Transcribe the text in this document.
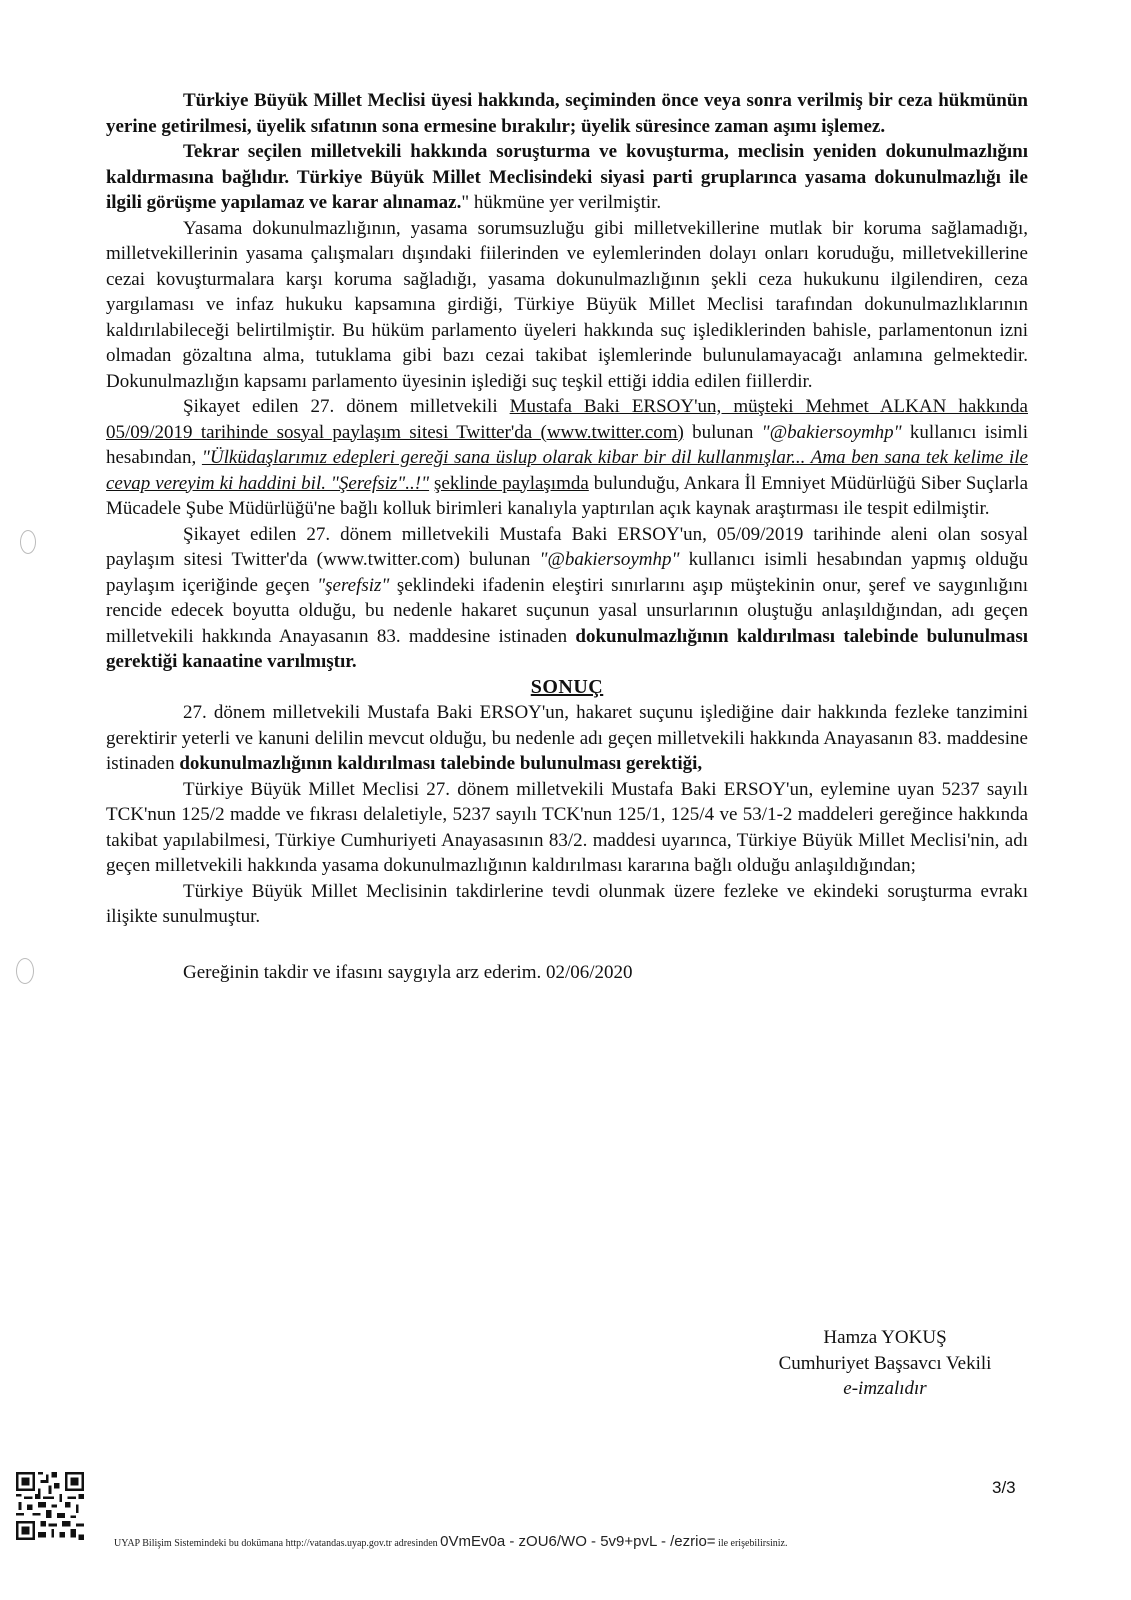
Türkiye Büyük Millet Meclisi üyesi hakkında, seçiminden önce veya sonra verilmiş bir ceza hükmünün yerine getirilmesi, üyelik sıfatının sona ermesine bırakılır; üyelik süresince zaman aşımı işlemez.

Tekrar seçilen milletvekili hakkında soruşturma ve kovuşturma, meclisin yeniden dokunulmazlığını kaldırmasına bağlıdır. Türkiye Büyük Millet Meclisindeki siyasi parti gruplarınca yasama dokunulmazlığı ile ilgili görüşme yapılamaz ve karar alınamaz." hükmüne yer verilmiştir.

Yasama dokunulmazlığının, yasama sorumsuzluğu gibi milletvekillerine mutlak bir koruma sağlamadığı, milletvekillerinin yasama çalışmaları dışındaki fiilerinden ve eylemlerinden dolayı onları koruduğu, milletvekillerine cezai kovuşturmalara karşı koruma sağladığı, yasama dokunulmazlığının şekli ceza hukukunu ilgilendiren, ceza yargılaması ve infaz hukuku kapsamına girdiği, Türkiye Büyük Millet Meclisi tarafından dokunulmazlıklarının kaldırılabileceği belirtilmiştir. Bu hüküm parlamento üyeleri hakkında suç işlediklerinden bahisle, parlamentonun izni olmadan gözaltına alma, tutuklama gibi bazı cezai takibat işlemlerinde bulunulamayacağı anlamına gelmektedir. Dokunulmazlığın kapsamı parlamento üyesinin işlediği suç teşkil ettiği iddia edilen fiillerdir.

Şikayet edilen 27. dönem milletvekili Mustafa Baki ERSOY'un, müşteki Mehmet ALKAN hakkında 05/09/2019 tarihinde sosyal paylaşım sitesi Twitter'da (www.twitter.com) bulunan "@bakiersoymhp" kullanıcı isimli hesabından, "Ülküdaşlarımız edepleri gereği sana üslup olarak kibar bir dil kullanmışlar... Ama ben sana tek kelime ile cevap vereyim ki haddini bil. "Şerefsiz"..!" şeklinde paylaşımda bulunduğu, Ankara İl Emniyet Müdürlüğü Siber Suçlarla Mücadele Şube Müdürlüğü'ne bağlı kolluk birimleri kanalıyla yaptırılan açık kaynak araştırması ile tespit edilmiştir.

Şikayet edilen 27. dönem milletvekili Mustafa Baki ERSOY'un, 05/09/2019 tarihinde aleni olan sosyal paylaşım sitesi Twitter'da (www.twitter.com) bulunan "@bakiersoymhp" kullanıcı isimli hesabından yapmış olduğu paylaşım içeriğinde geçen "şerefsiz" şeklindeki ifadenin eleştiri sınırlarını aşıp müştekinin onur, şeref ve saygınlığını rencide edecek boyutta olduğu, bu nedenle hakaret suçunun yasal unsurlarının oluştuğu anlaşıldığından, adı geçen milletvekili hakkında Anayasanın 83. maddesine istinaden dokunulmazlığının kaldırılması talebinde bulunulması gerektiği kanaatine varılmıştır.

SONUÇ

27. dönem milletvekili Mustafa Baki ERSOY'un, hakaret suçunu işlediğine dair hakkında fezleke tanzimini gerektirir yeterli ve kanuni delilin mevcut olduğu, bu nedenle adı geçen milletvekili hakkında Anayasanın 83. maddesine istinaden dokunulmazlığının kaldırılması talebinde bulunulması gerektiği,

Türkiye Büyük Millet Meclisi 27. dönem milletvekili Mustafa Baki ERSOY'un, eylemine uyan 5237 sayılı TCK'nun 125/2 madde ve fıkrası delaletiyle, 5237 sayılı TCK'nun 125/1, 125/4 ve 53/1-2 maddeleri gereğince hakkında takibat yapılabilmesi, Türkiye Cumhuriyeti Anayasasının 83/2. maddesi uyarınca, Türkiye Büyük Millet Meclisi'nin, adı geçen milletvekili hakkında yasama dokunulmazlığının kaldırılması kararına bağlı olduğu anlaşıldığından;

Türkiye Büyük Millet Meclisinin takdirlerine tevdi olunmak üzere fezleke ve ekindeki soruşturma evrakı ilişikte sunulmuştur.

Gereğinin takdir ve ifasını saygıyla arz ederim. 02/06/2020

Hamza YOKUŞ
Cumhuriyet Başsavcı Vekili
e-imzalıdır
3/3
UYAP Bilişim Sistemindeki bu dokümana http://vatandas.uyap.gov.tr adresinden 0VmEv0a - zOU6/WO - 5v9+pvL - /ezrio= ile erişebilirsiniz.
